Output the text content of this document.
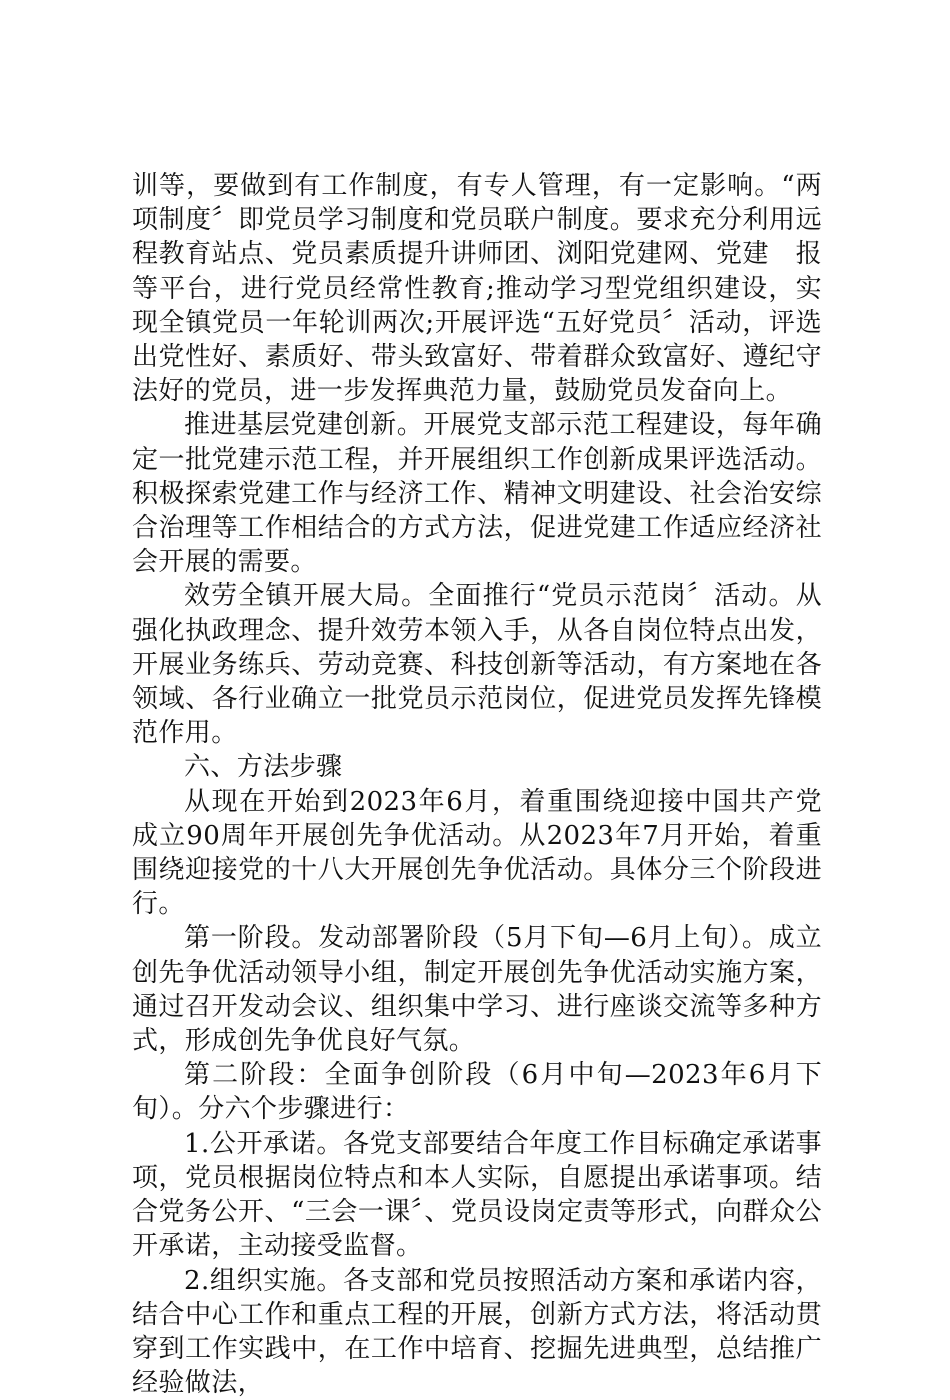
训等，要做到有工作制度，有专人管理，有一定影响。“两项制度〞即党员学习制度和党员联户制度。要求充分利用远程教育站点、党员素质提升讲师团、浏阳党建网、党建　报等平台，进行党员经常性教育;推动学习型党组织建设，实现全镇党员一年轮训两次;开展评选“五好党员〞活动，评选出党性好、素质好、带头致富好、带着群众致富好、遵纪守法好的党员，进一步发挥典范力量，鼓励党员发奋向上。

推进基层党建创新。开展党支部示范工程建设，每年确定一批党建示范工程，并开展组织工作创新成果评选活动。积极探索党建工作与经济工作、精神文明建设、社会治安综合治理等工作相结合的方式方法，促进党建工作适应经济社会开展的需要。

效劳全镇开展大局。全面推行“党员示范岗〞活动。从强化执政理念、提升效劳本领入手，从各自岗位特点出发，开展业务练兵、劳动竞赛、科技创新等活动，有方案地在各领域、各行业确立一批党员示范岗位，促进党员发挥先锋模范作用。

六、方法步骤

从现在开始到2023年6月，着重围绕迎接中国共产党成立90周年开展创先争优活动。从2023年7月开始，着重围绕迎接党的十八大开展创先争优活动。具体分三个阶段进行。

第一阶段。发动部署阶段（5月下旬—6月上旬）。成立创先争优活动领导小组，制定开展创先争优活动实施方案，通过召开发动会议、组织集中学习、进行座谈交流等多种方式，形成创先争优良好气氛。

第二阶段：全面争创阶段（6月中旬—2023年6月下旬）。分六个步骤进行：

1.公开承诺。各党支部要结合年度工作目标确定承诺事项，党员根据岗位特点和本人实际，自愿提出承诺事项。结合党务公开、“三会一课〞、党员设岗定责等形式，向群众公开承诺，主动接受监督。

2.组织实施。各支部和党员按照活动方案和承诺内容，结合中心工作和重点工程的开展，创新方式方法，将活动贯穿到工作实践中，在工作中培育、挖掘先进典型，总结推广经验做法，
